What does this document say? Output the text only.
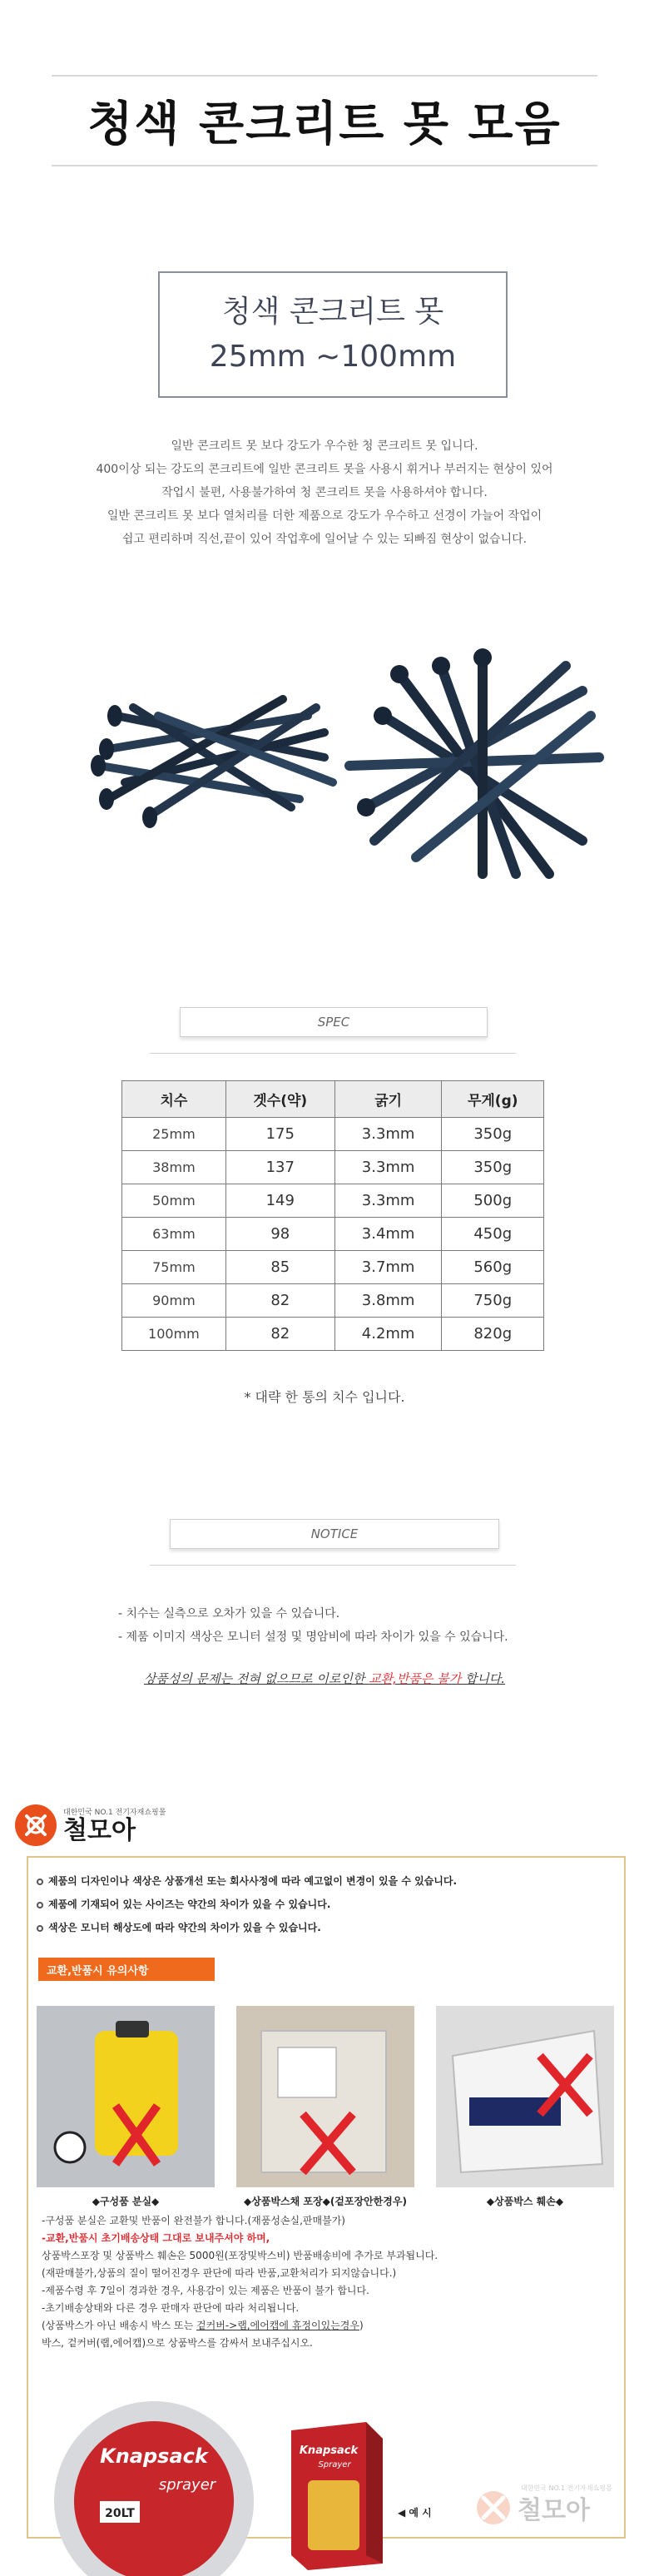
청색 콘크리트 못 모음
청색 콘크리트 못
25mm ~100mm
일반 콘크리트 못 보다 강도가 우수한 청 콘크리트 못 입니다.
400이상 되는 강도의 콘크리트에 일반 콘크리트 못을 사용시 휘거나 부러지는 현상이 있어
작업시 불편, 사용불가하여 청 콘크리트 못을 사용하셔야 합니다.
일반 콘크리트 못 보다 열처리를 더한 제품으로 강도가 우수하고 선경이 가늘어 작업이
쉽고 편리하며 직선,끝이 있어 작업후에 일어날 수 있는 되빠짐 현상이 없습니다.
SPEC
치수	겟수(약)	굵기	무게(g)
25mm	175	3.3mm	350g
38mm	137	3.3mm	350g
50mm	149	3.3mm	500g
63mm	98	3.4mm	450g
75mm	85	3.7mm	560g
90mm	82	3.8mm	750g
100mm	82	4.2mm	820g
* 대략 한 통의 치수 입니다.
NOTICE
- 치수는 실측으로 오차가 있을 수 있습니다.
- 제품 이미지 색상은 모니터 설정 및 명암비에 따라 차이가 있을 수 있습니다.
상품성의 문제는 전혀 없으므로 이로인한 교환,반품은 불가 합니다.
대한민국 NO.1 전기자재쇼핑몰
철모아
제품의 디자인이나 색상은 상품개선 또는 회사사정에 따라 예고없이 변경이 있을 수 있습니다.
제품에 기재되어 있는 사이즈는 약간의 차이가 있을 수 있습니다.
색상은 모니터 해상도에 따라 약간의 차이가 있을 수 있습니다.
교환,반품시 유의사항
◆구성품 분실◆	◆상품박스채 포장◆(겉포장안한경우)	◆상품박스 훼손◆
-구성품 분실은 교환및 반품이 완전불가 합니다.(재품성손실,판매불가)
-교환,반품시 초기배송상태 그대로 보내주셔야 하며,
상품박스포장 및 상품박스 훼손은 5000원(포장및박스비) 반품배송비에 추가로 부과됩니다.
(재판매불가,상품의 질이 떨어진경우 판단에 따라 반품,교환처리가 되지않습니다.)
-제품수령 후 7일이 경과한 경우, 사용감이 있는 제품은 반품이 불가 합니다.
-초기배송상태와 다른 경우 판매자 판단에 따라 처리됩니다.
(상품박스가 아닌 배송시 박스 또는 겉커버->랩,에어캡에 휴정이있는경우)
박스, 겉커버(랩,에어캡)으로 상품박스를 감싸서 보내주십시오.
Knapsack
sprayer
20LT
Knapsack
Sprayer
◀ 예 시
대한민국 NO.1 전기자재쇼핑몰
철모아
